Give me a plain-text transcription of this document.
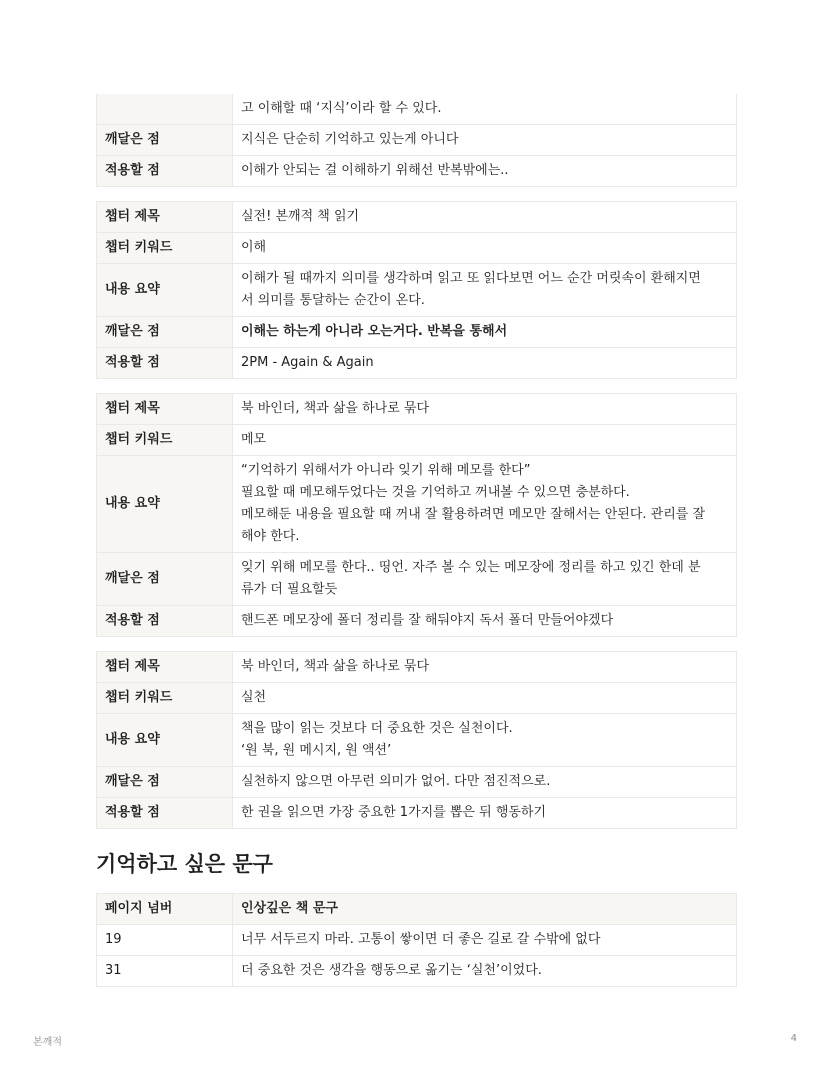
	고 이해할 때 ‘지식’이라 할 수 있다.

깨달은 점	지식은 단순히 기억하고 있는게 아니다

적용할 점	이해가 안되는 걸 이해하기 위해선 반복밖에는..
챕터 제목	실전! 본깨적 책 읽기

챕터 키워드	이해

내용 요약	이해가 될 때까지 의미를 생각하며 읽고 또 읽다보면 어느 순간 머릿속이 환해지면
서 의미를 통달하는 순간이 온다.

깨달은 점	이해는 하는게 아니라 오는거다. 반복을 통해서

적용할 점	2PM - Again & Again
챕터 제목	북 바인더, 책과 삶을 하나로 묶다

챕터 키워드	메모

내용 요약	“기억하기 위해서가 아니라 잊기 위해 메모를 한다”
필요할 때 메모해두었다는 것을 기억하고 꺼내볼 수 있으면 충분하다.
메모해둔 내용을 필요할 때 꺼내 잘 활용하려면 메모만 잘해서는 안된다. 관리를 잘
해야 한다.

깨달은 점	잊기 위해 메모를 한다.. 띵언. 자주 볼 수 있는 메모장에 정리를 하고 있긴 한데 분
류가 더 필요할듯

적용할 점	핸드폰 메모장에 폴더 정리를 잘 해둬야지 독서 폴더 만들어야겠다
챕터 제목	북 바인더, 책과 삶을 하나로 묶다

챕터 키워드	실천

내용 요약	책을 많이 읽는 것보다 더 중요한 것은 실천이다.
‘원 북, 원 메시지, 원 액션’

깨달은 점	실천하지 않으면 아무런 의미가 없어. 다만 점진적으로.

적용할 점	한 권을 읽으면 가장 중요한 1가지를 뽑은 뒤 행동하기
기억하고 싶은 문구
페이지 넘버	인상깊은 책 문구
19	너무 서두르지 마라. 고통이 쌓이면 더 좋은 길로 갈 수밖에 없다
31	더 중요한 것은 생각을 행동으로 옮기는 ‘실천’이었다.
본깨적	4
